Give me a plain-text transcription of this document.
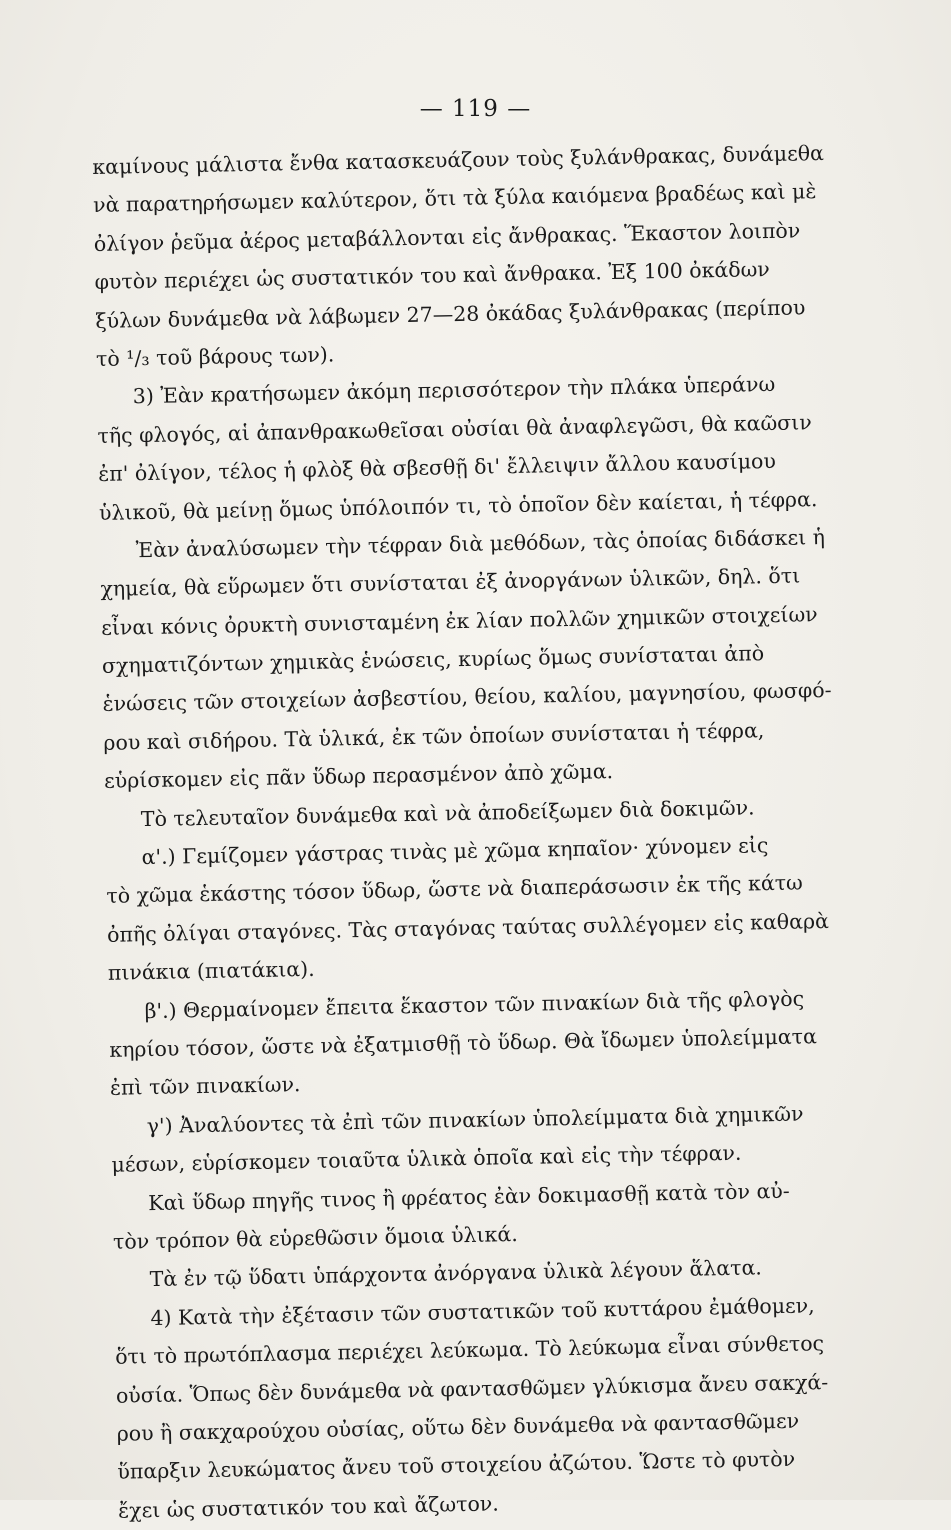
— 119 —
καμίνους μάλιστα ἔνθα κατασκευάζουν τοὺς ξυλάνθρακας, δυνάμεθα
νὰ παρατηρήσωμεν καλύτερον, ὅτι τὰ ξύλα καιόμενα βραδέως καὶ μὲ
ὀλίγον ῥεῦμα ἀέρος μεταβάλλονται εἰς ἄνθρακας. Ἕκαστον λοιπὸν
φυτὸν περιέχει ὡς συστατικόν του καὶ ἄνθρακα. Ἐξ 100 ὀκάδων
ξύλων δυνάμεθα νὰ λάβωμεν 27—28 ὀκάδας ξυλάνθρακας (περίπου
τὸ ¹/₃ τοῦ βάρους των).
3) Ἐὰν κρατήσωμεν ἀκόμη περισσότερον τὴν πλάκα ὑπεράνω
τῆς φλογός, αἱ ἀπανθρακωθεῖσαι οὐσίαι θὰ ἀναφλεγῶσι, θὰ καῶσιν
ἐπ' ὀλίγον, τέλος ἡ φλὸξ θὰ σβεσθῇ δι' ἔλλειψιν ἄλλου καυσίμου
ὑλικοῦ, θὰ μείνῃ ὅμως ὑπόλοιπόν τι, τὸ ὁποῖον δὲν καίεται, ἡ τέφρα.
Ἐὰν ἀναλύσωμεν τὴν τέφραν διὰ μεθόδων, τὰς ὁποίας διδάσκει ἡ
χημεία, θὰ εὕρωμεν ὅτι συνίσταται ἐξ ἀνοργάνων ὑλικῶν, δηλ. ὅτι
εἶναι κόνις ὀρυκτὴ συνισταμένη ἐκ λίαν πολλῶν χημικῶν στοιχείων
σχηματιζόντων χημικὰς ἑνώσεις, κυρίως ὅμως συνίσταται ἀπὸ
ἑνώσεις τῶν στοιχείων ἀσβεστίου, θείου, καλίου, μαγνησίου, φωσφό-
ρου καὶ σιδήρου. Τὰ ὑλικά, ἐκ τῶν ὁποίων συνίσταται ἡ τέφρα,
εὑρίσκομεν εἰς πᾶν ὕδωρ περασμένον ἀπὸ χῶμα.
Τὸ τελευταῖον δυνάμεθα καὶ νὰ ἀποδείξωμεν διὰ δοκιμῶν.
α'.) Γεμίζομεν γάστρας τινὰς μὲ χῶμα κηπαῖον· χύνομεν εἰς
τὸ χῶμα ἑκάστης τόσον ὕδωρ, ὥστε νὰ διαπεράσωσιν ἐκ τῆς κάτω
ὀπῆς ὀλίγαι σταγόνες. Τὰς σταγόνας ταύτας συλλέγομεν εἰς καθαρὰ
πινάκια (πιατάκια).
β'.) Θερμαίνομεν ἔπειτα ἕκαστον τῶν πινακίων διὰ τῆς φλογὸς
κηρίου τόσον, ὥστε νὰ ἐξατμισθῇ τὸ ὕδωρ. Θὰ ἴδωμεν ὑπολείμματα
ἐπὶ τῶν πινακίων.
γ') Ἀναλύοντες τὰ ἐπὶ τῶν πινακίων ὑπολείμματα διὰ χημικῶν
μέσων, εὑρίσκομεν τοιαῦτα ὑλικὰ ὁποῖα καὶ εἰς τὴν τέφραν.
Καὶ ὕδωρ πηγῆς τινος ἢ φρέατος ἐὰν δοκιμασθῇ κατὰ τὸν αὐ-
τὸν τρόπον θὰ εὑρεθῶσιν ὅμοια ὑλικά.
Τὰ ἐν τῷ ὕδατι ὑπάρχοντα ἀνόργανα ὑλικὰ λέγουν ἅλατα.
4) Κατὰ τὴν ἐξέτασιν τῶν συστατικῶν τοῦ κυττάρου ἐμάθομεν,
ὅτι τὸ πρωτόπλασμα περιέχει λεύκωμα. Τὸ λεύκωμα εἶναι σύνθετος
οὐσία. Ὅπως δὲν δυνάμεθα νὰ φαντασθῶμεν γλύκισμα ἄνευ σακχά-
ρου ἢ σακχαρούχου οὐσίας, οὕτω δὲν δυνάμεθα νὰ φαντασθῶμεν
ὕπαρξιν λευκώματος ἄνευ τοῦ στοιχείου ἀζώτου. Ὥστε τὸ φυτὸν
ἔχει ὡς συστατικόν του καὶ ἄζωτον.
